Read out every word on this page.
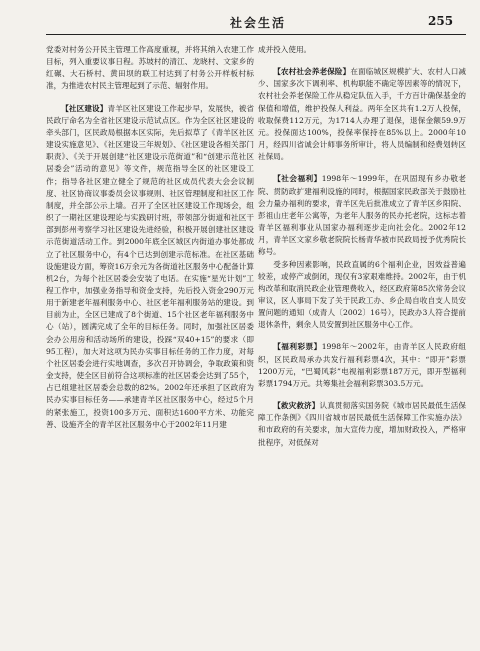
社会生活	255

党委对村务公开民主管理工作高度重视，并将其纳入农建工作目标，列入重要议事日程。苏坡村的清江、龙晓村、文家乡的红碾、大石桥村、黄田坝的联工村达到了村务公开样板村标准，为推进农村民主管理起到了示范、辐射作用。

【社区建设】青羊区社区建设工作起步早，发展快，被省民政厅命名为全省社区建设示范试点区。作为全区社区建设的牵头部门，区民政局根据本区实际，先后拟草了《青羊区社区建设实施意见》、《社区建设三年规划》、《社区建设各相关部门职责》、《关于开展创建“社区建设示范街道”和“创建示范社区居委会”活动的意见》等文件，规范指导全区的社区建设工作；指导各社区建立健全了规范的社区成员代表大会会议制度、社区协商议事委员会议事规则、社区管理制度和社区工作制度，并全部公示上墙。召开了全区社区建设工作现场会，组织了一期社区建设理论与实践研讨班，带领部分街道和社区干部到彭州考察学习社区建设先进经验，积极开展创建社区建设示范街道活动工作。到2000年底全区城区内街道办事处都成立了社区服务中心，有4个已达到创建示范标准。在社区基础设施建设方面，筹资16万余元为各街道社区服务中心配备计算机2台，为每个社区居委会安装了电话。在实施“星光计划”工程工作中，加强业务指导和资金支持，先后投入资金290万元用于新建老年福利服务中心、社区老年福利服务站的建设。到目前为止，全区已建成了8个街道、15个社区老年福利服务中心（站），圆满完成了全年的目标任务。同时，加强社区居委会办公用房和活动场所的建设，投踩“双40+15”的要求（即95工程），加大对这项为民办实事目标任务的工作力度，对每个社区居委会进行实地调查，多次召开协调会，争取政策和资金支持，使全区目前符合这项标准的社区居委会达到了55个，占已组建社区居委会总数的82%。2002年还承担了区政府为民办实事目标任务——承建青羊区社区服务中心，经过5个月的紧张施工，投资100多万元、面积达1600平方米、功能完善、设施齐全的青羊区社区服务中心于2002年11月建

成并投入使用。

【农村社会养老保险】在面临城区规模扩大、农村人口减少、国家多次下调利率、机构职能不确定等因素等的情况下，农村社会养老保险工作从稳定队伍入手，千方百计确保基金的保值和增值，维护投保人利益。两年全区共有1.2万人投保，收取保费112万元，为1714人办理了退保，退保金额59.9万元。投保面达100%，投保率保持在85%以上。2000年10月，经四川省诚会计师事务所审计，将人员编制和经费划转区社保局。

【社会福利】1998年～1999年，在巩固现有乡办敬老院、贯防政扩建福利设施的同时，根据国家民政部关于鼓励社会力量办福利的要求，青羊区先后批准成立了青羊区乡阳院、彭祖山庄老年公寓等，为老年人服务的民办托老院，这标志着青羊区福利事业从国家办福利逐步走向社会化。2002年12月，青羊区文家乡敬老院院长杨青华被市民政局授予优秀院长称号。

受多种因素影响，民政直属的6个福利企业，因效益普遍较差，或停产或倒闭，现仅有3家艰难维持。2002年，由于机构改革和取消民政企业管理费收入，经区政府第85次常务会议审议，区人事局下发了关于民政工办、乡企局自收自支人员安置问题的通知（成青人〔2002〕16号），民政办3人符合提前退休条件，剩余人员安置到社区服务中心工作。

【福利彩票】1998年～2002年，由青羊区人民政府组织，区民政局承办共发行福利彩票4次，其中：“即开”彩票1200万元，“巴蜀风彩”电视福利彩票187万元，即开型福利彩票1794万元。共筹集社会福利彩票303.5万元。

【救灾救济】认真贯彻落实国务院《城市居民最低生活保障工作条例》《四川省城市居民最低生活保障工作实施办法》和市政府的有关要求，加大宣传力度，增加财政投入，严格审批程序，对低保对
